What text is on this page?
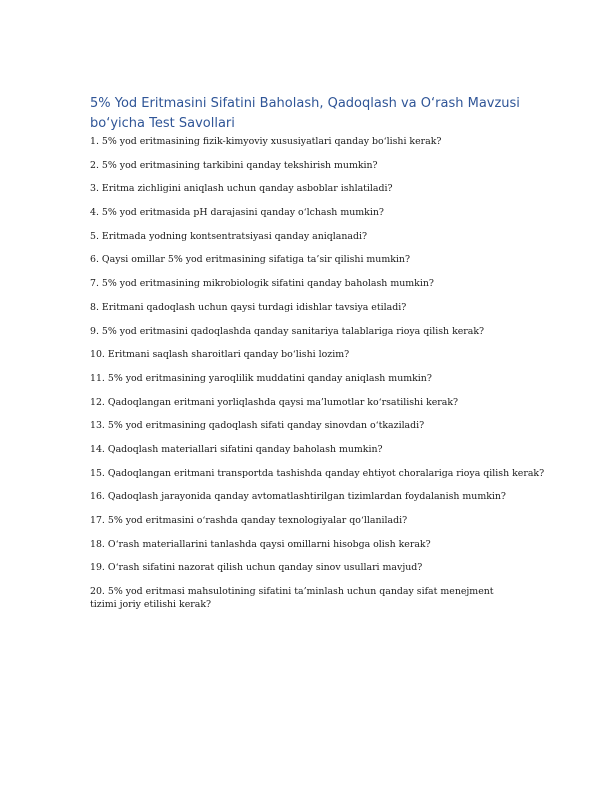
5% Yod Eritmasini Sifatini Baholash, Qadoqlash va O‘rash Mavzusi bo‘yicha Test Savollari
1. 5% yod eritmasining fizik-kimyoviy xususiyatlari qanday bo‘lishi kerak?
2. 5% yod eritmasining tarkibini qanday tekshirish mumkin?
3. Eritma zichligini aniqlash uchun qanday asboblar ishlatiladi?
4. 5% yod eritmasida pH darajasini qanday o‘lchash mumkin?
5. Eritmada yodning kontsentratsiyasi qanday aniqlanadi?
6. Qaysi omillar 5% yod eritmasining sifatiga ta’sir qilishi mumkin?
7. 5% yod eritmasining mikrobiologik sifatini qanday baholash mumkin?
8. Eritmani qadoqlash uchun qaysi turdagi idishlar tavsiya etiladi?
9. 5% yod eritmasini qadoqlashda qanday sanitariya talablariga rioya qilish kerak?
10. Eritmani saqlash sharoitlari qanday bo‘lishi lozim?
11. 5% yod eritmasining yaroqlilik muddatini qanday aniqlash mumkin?
12. Qadoqlangan eritmani yorliqlashda qaysi ma’lumotlar ko‘rsatilishi kerak?
13. 5% yod eritmasining qadoqlash sifati qanday sinovdan o‘tkaziladi?
14. Qadoqlash materiallari sifatini qanday baholash mumkin?
15. Qadoqlangan eritmani transportda tashishda qanday ehtiyot choralariga rioya qilish kerak?
16. Qadoqlash jarayonida qanday avtomatlashtirilgan tizimlardan foydalanish mumkin?
17. 5% yod eritmasini o‘rashda qanday texnologiyalar qo‘llaniladi?
18. O‘rash materiallarini tanlashda qaysi omillarni hisobga olish kerak?
19. O‘rash sifatini nazorat qilish uchun qanday sinov usullari mavjud?
20. 5% yod eritmasi mahsulotining sifatini ta’minlash uchun qanday sifat menejment tizimi joriy etilishi kerak?
